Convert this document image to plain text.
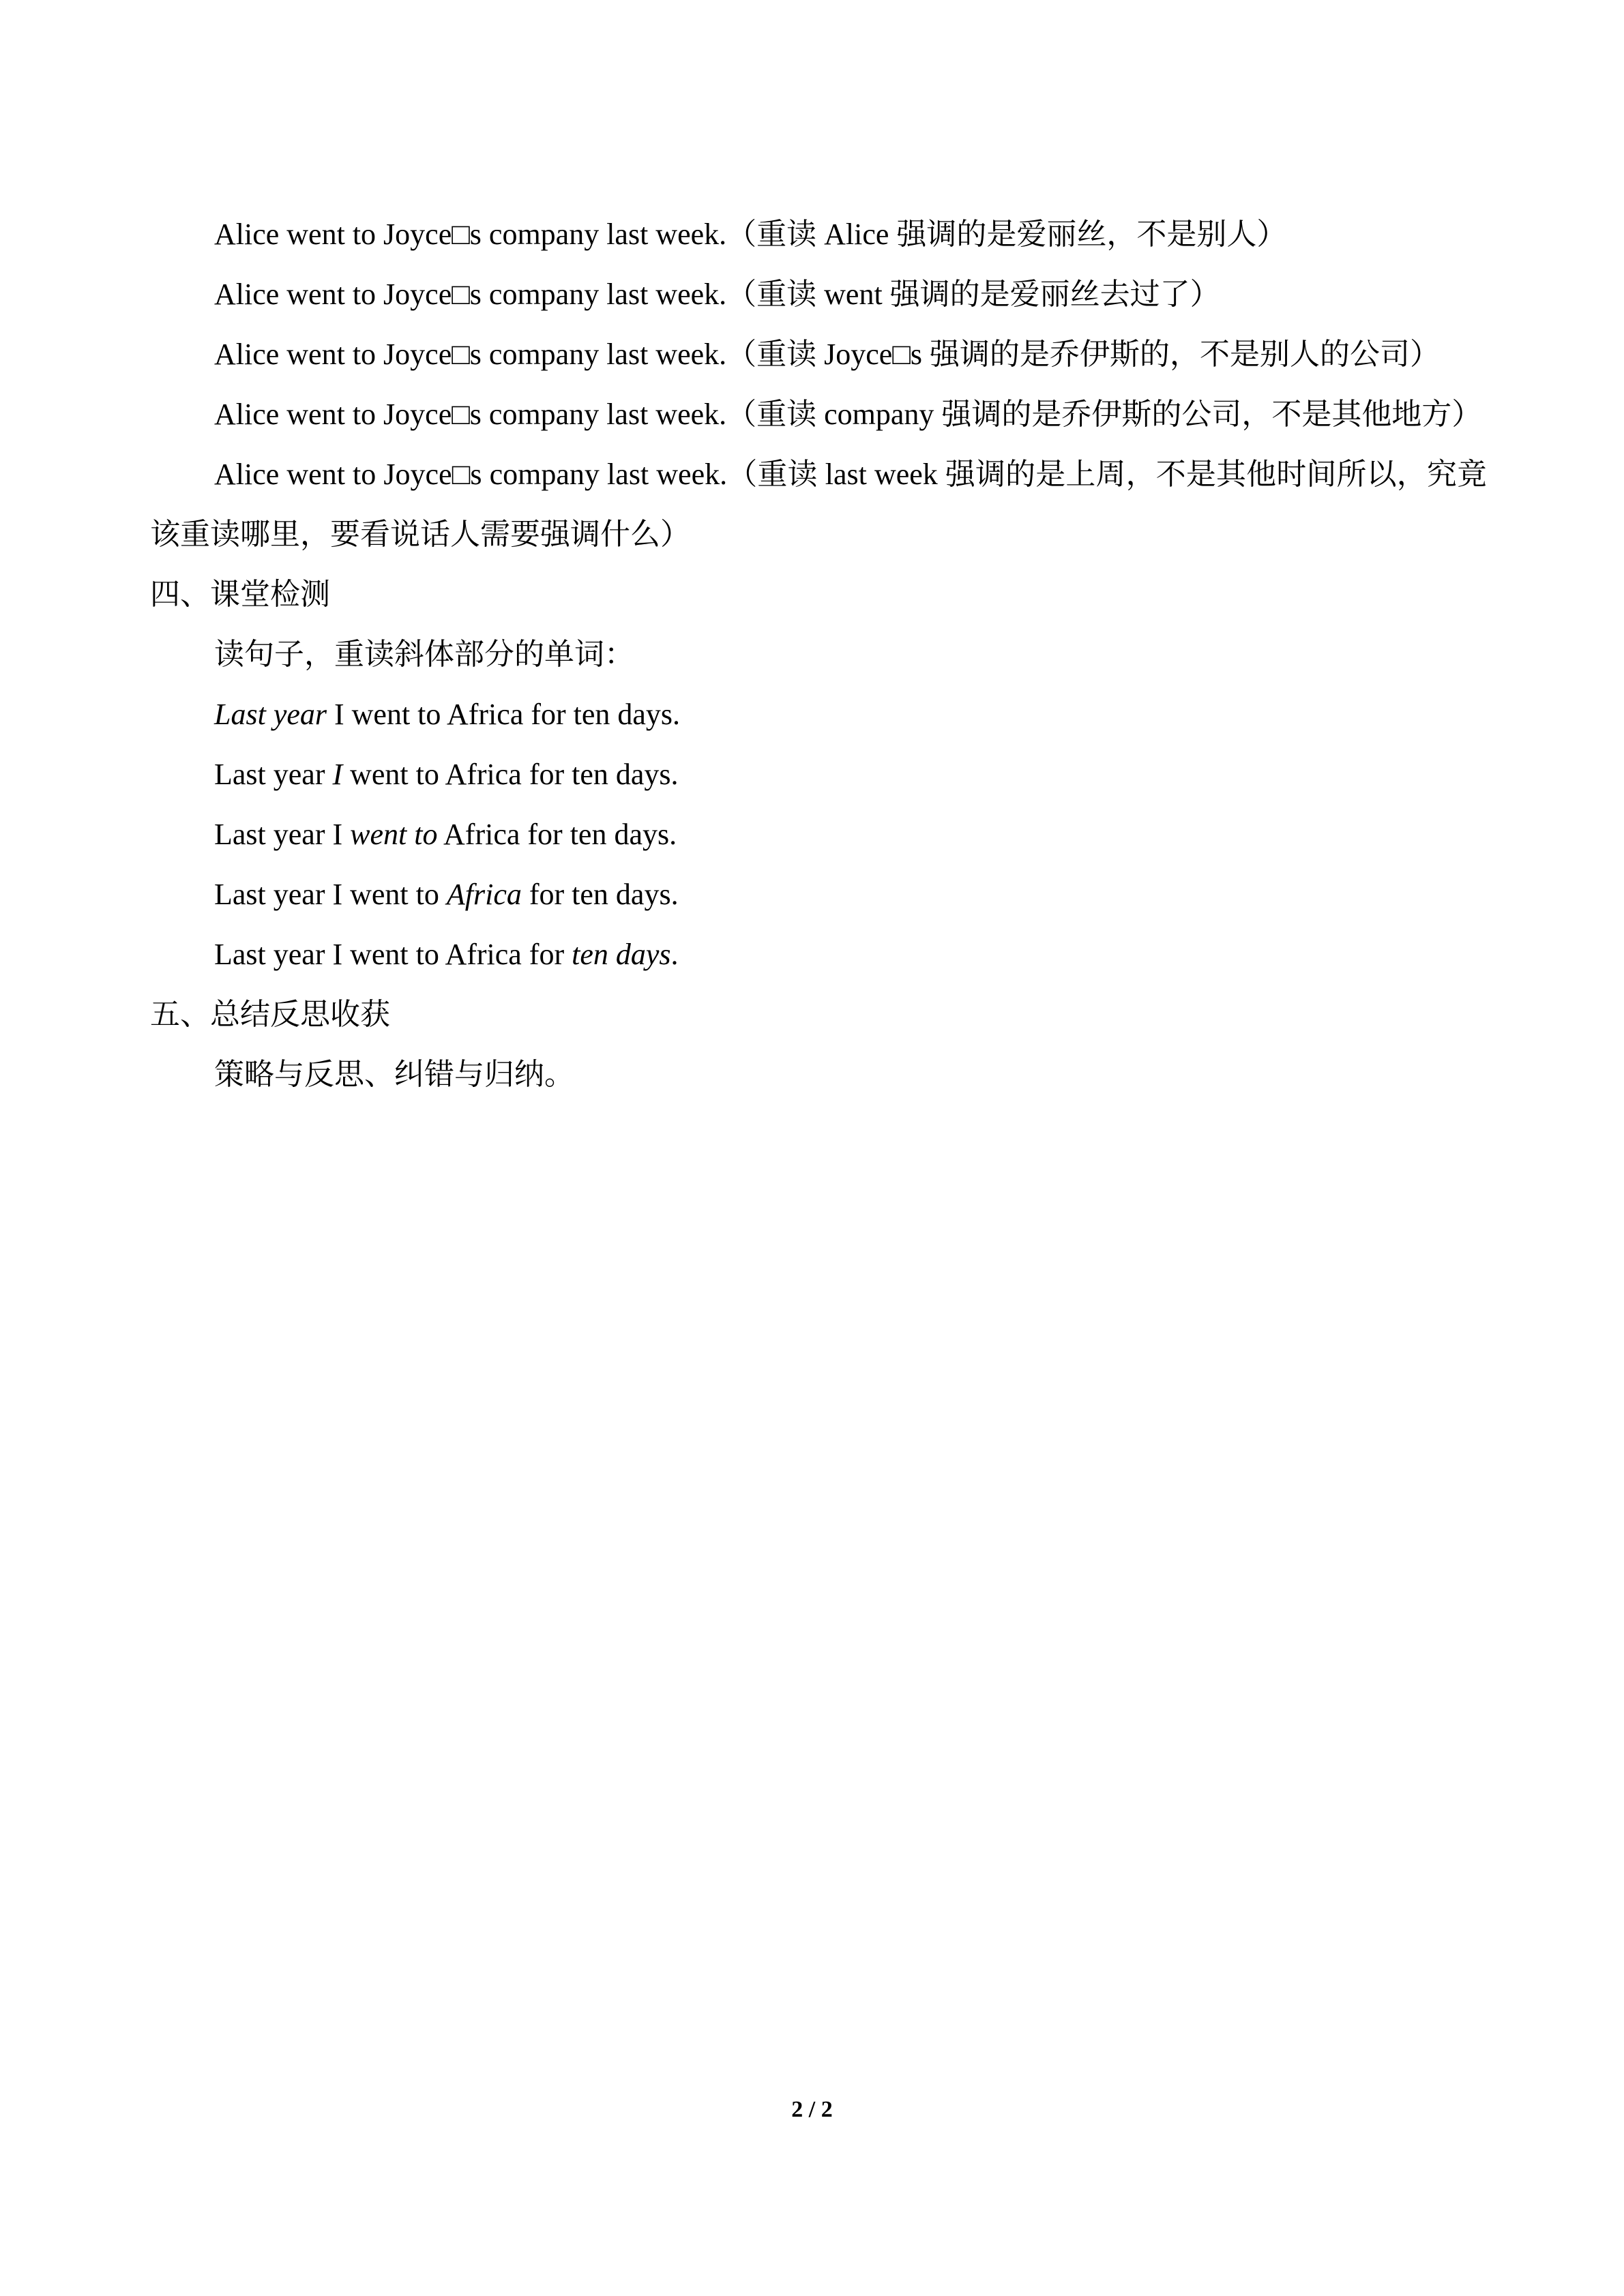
Alice went to Joyce□s company last week.（重读 Alice 强调的是爱丽丝，不是别人）
Alice went to Joyce□s company last week.（重读 went 强调的是爱丽丝去过了）
Alice went to Joyce□s company last week.（重读 Joyce□s 强调的是乔伊斯的，不是别人的公司）
Alice went to Joyce□s company last week.（重读 company 强调的是乔伊斯的公司，不是其他地方）
Alice went to Joyce□s company last week.（重读 last week 强调的是上周，不是其他时间所以，究竟该重读哪里，要看说话人需要强调什么）
四、课堂检测
读句子，重读斜体部分的单词：
Last year I went to Africa for ten days.
Last year I went to Africa for ten days.
Last year I went to Africa for ten days.
Last year I went to Africa for ten days.
Last year I went to Africa for ten days.
五、总结反思收获
策略与反思、纠错与归纳。
2 / 2
